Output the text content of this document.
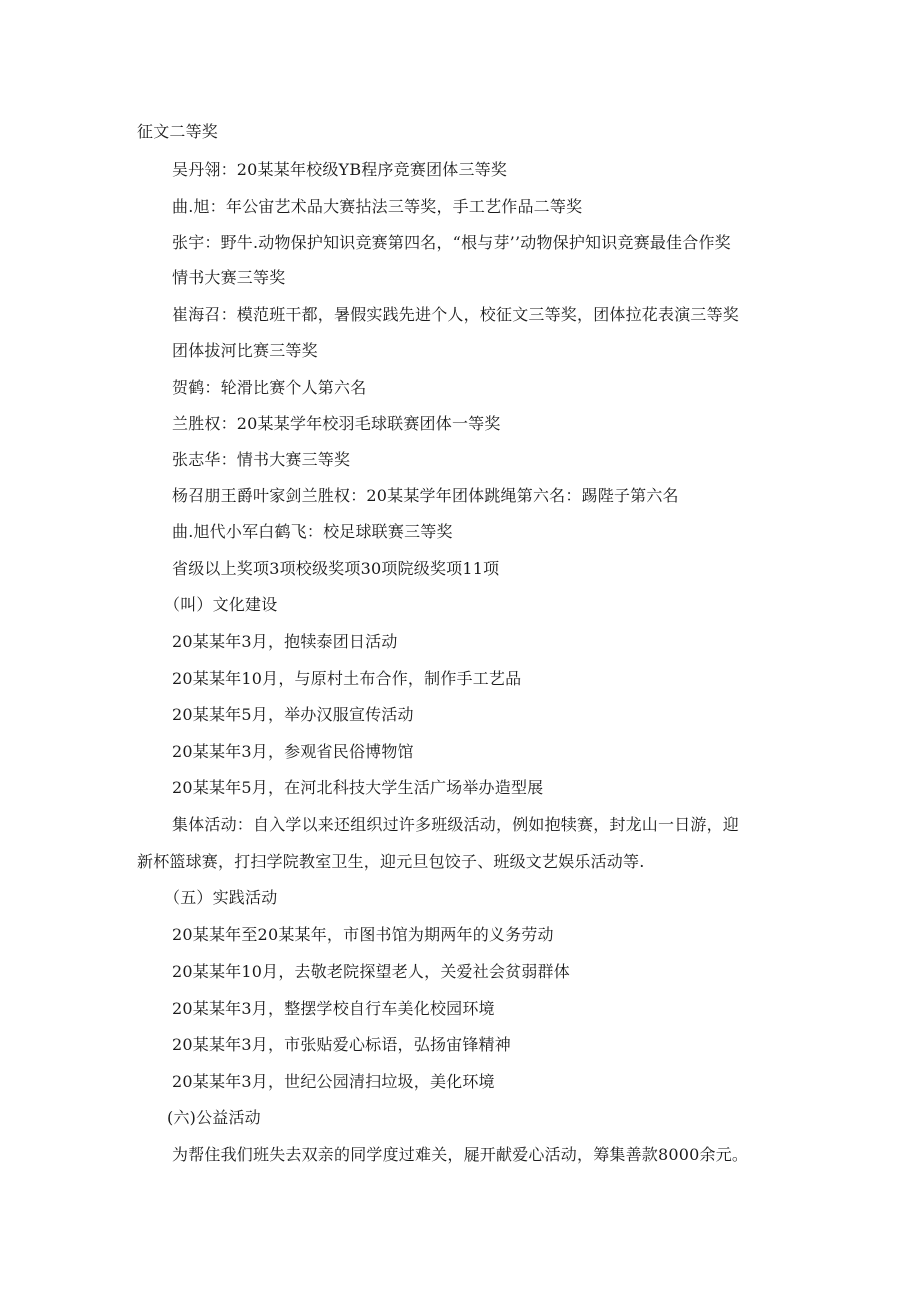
征文二等奖
吴丹翎：20某某年校级YB程序竞赛团体三等奖
曲.旭：年公宙艺术品大赛拈法三等奖，手工艺作品二等奖
张宇：野牛.动物保护知识竞赛第四名，“根与芽’’动物保护知识竞赛最佳合作奖
情书大赛三等奖
崔海召：模范班干都，暑假实践先进个人，校征文三等奖，团体拉花表演三等奖
团体拔河比赛三等奖
贺鹤：轮滑比赛个人第六名
兰胜权：20某某学年校羽毛球联赛团体一等奖
张志华：情书大赛三等奖
杨召朋王爵叶家剑兰胜权：20某某学年团体跳绳第六名：踢陛子第六名
曲.旭代小军白鹤飞：校足球联赛三等奖
省级以上奖项3项校级奖项30项院级奖项11项
（叫）文化建设
20某某年3月，抱犊泰团日活动
20某某年10月，与原村土布合作，制作手工艺品
20某某年5月，举办汉服宣传活动
20某某年3月，参观省民俗博物馆
20某某年5月，在河北科技大学生活广场举办造型展
集体活动：自入学以来还组织过许多班级活动，例如抱犊赛，封龙山一日游，迎
新杯篮球赛，打扫学院教室卫生，迎元旦包饺子、班级文艺娱乐活动等.
（五）实践活动
20某某年至20某某年，市图书馆为期两年的义务劳动
20某某年10月，去敬老院探望老人，关爱社会贫弱群体
20某某年3月，整摆学校自行车美化校园环境
20某某年3月，市张贴爱心标语，弘扬宙锋精神
20某某年3月，世纪公园清扫垃圾，美化环境
(六)公益活动
为帮住我们班失去双亲的同学度过难关，屣开献爱心活动，筹集善款8000余元。
